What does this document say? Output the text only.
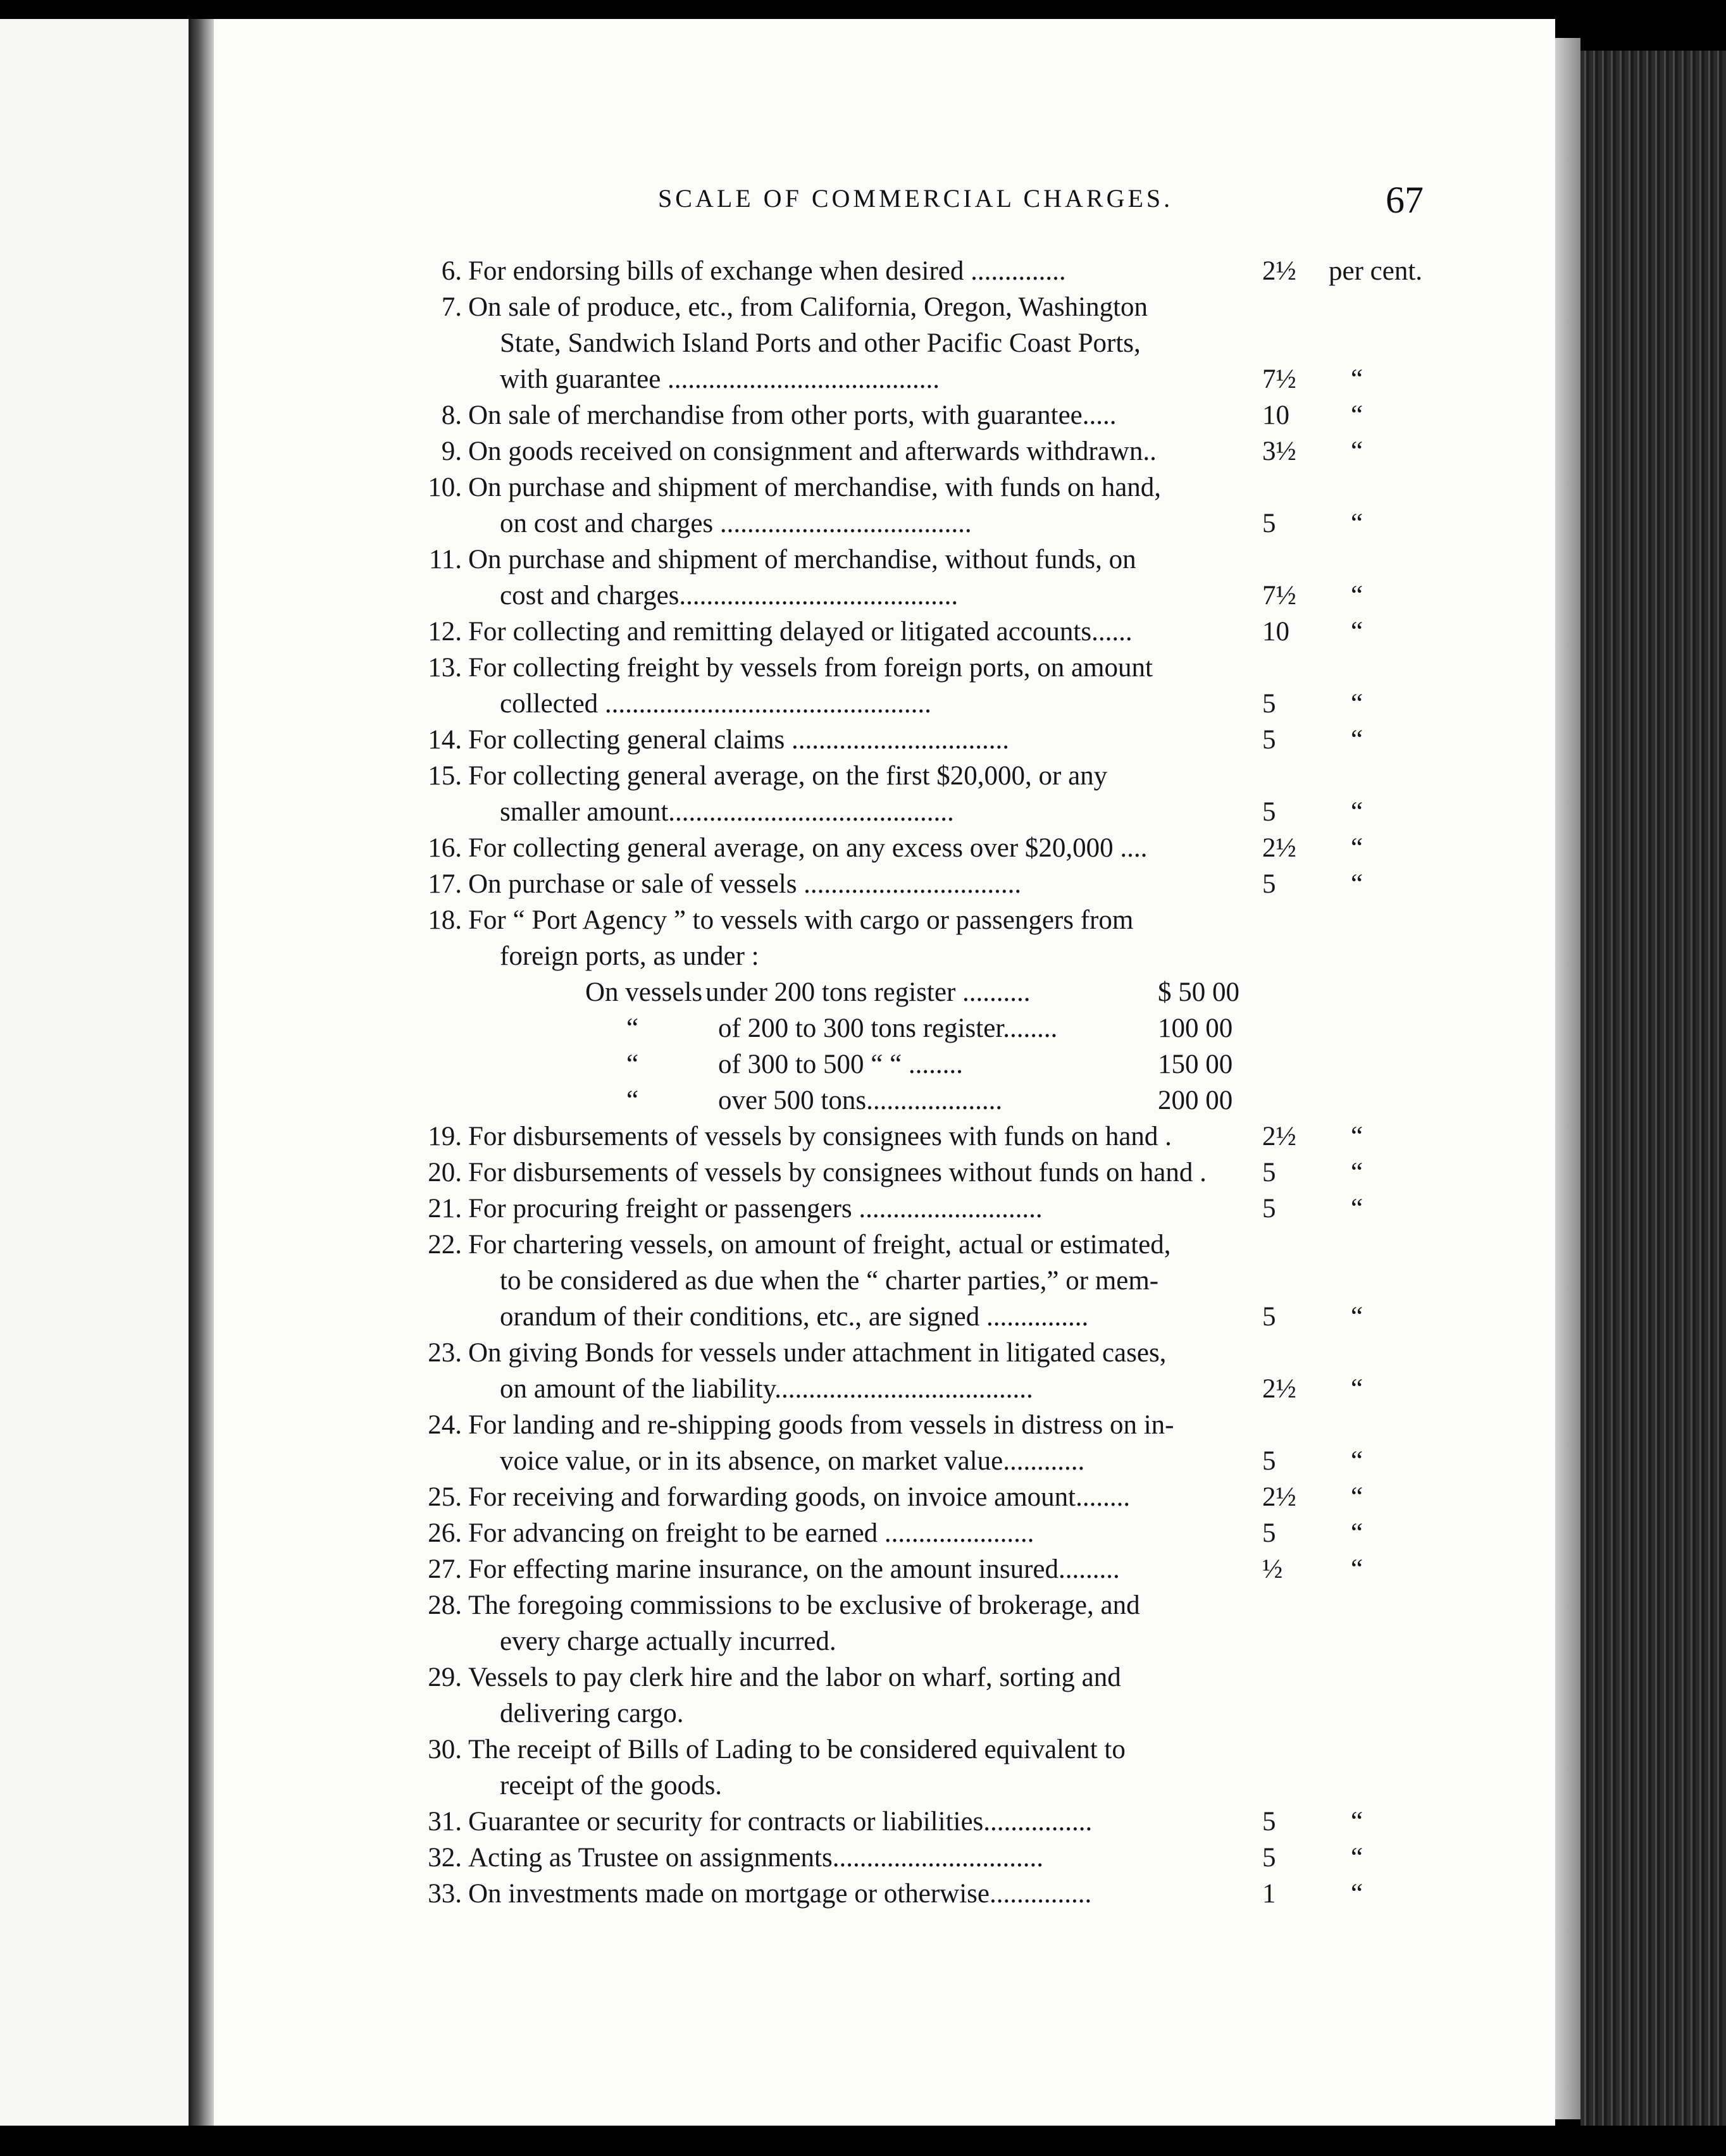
SCALE OF COMMERCIAL CHARGES.	67
6. For endorsing bills of exchange when desired ..............	2½	per cent.
7. On sale of produce, etc., from California, Oregon, Washington
State, Sandwich Island Ports and other Pacific Coast Ports,
with guarantee ........................................	7½	“
8. On sale of merchandise from other ports, with guarantee.....	10	“
9. On goods received on consignment and afterwards withdrawn..	3½	“
10. On purchase and shipment of merchandise, with funds on hand,
on cost and charges .....................................	5	“
11. On purchase and shipment of merchandise, without funds, on
cost and charges.........................................	7½	“
12. For collecting and remitting delayed or litigated accounts......	10	“
13. For collecting freight by vessels from foreign ports, on amount
collected ................................................	5	“
14. For collecting general claims ................................	5	“
15. For collecting general average, on the first $20,000, or any
smaller amount..........................................	5	“
16. For collecting general average, on any excess over $20,000 ....	2½	“
17. On purchase or sale of vessels ................................	5	“
18. For “ Port Agency ” to vessels with cargo or passengers from
foreign ports, as under :
On vessels under 200 tons register ..........	$ 50 00
“	of 200 to 300 tons register........	100 00
“	of 300 to 500 “ “ ........	150 00
“	over 500 tons....................	200 00
19. For disbursements of vessels by consignees with funds on hand .	2½	“
20. For disbursements of vessels by consignees without funds on hand . 5	“
21. For procuring freight or passengers ...........................	5	“
22. For chartering vessels, on amount of freight, actual or estimated,
to be considered as due when the “ charter parties,” or mem-
orandum of their conditions, etc., are signed ...............	5	“
23. On giving Bonds for vessels under attachment in litigated cases,
on amount of the liability......................................	2½	“
24. For landing and re-shipping goods from vessels in distress on in-
voice value, or in its absence, on market value............	5	“
25. For receiving and forwarding goods, on invoice amount........	2½	“
26. For advancing on freight to be earned ......................	5	“
27. For effecting marine insurance, on the amount insured.........	½	“
28. The foregoing commissions to be exclusive of brokerage, and
every charge actually incurred.
29. Vessels to pay clerk hire and the labor on wharf, sorting and
delivering cargo.
30. The receipt of Bills of Lading to be considered equivalent to
receipt of the goods.
31. Guarantee or security for contracts or liabilities................	5	“
32. Acting as Trustee on assignments...............................	5	“
33. On investments made on mortgage or otherwise...............	1	“
